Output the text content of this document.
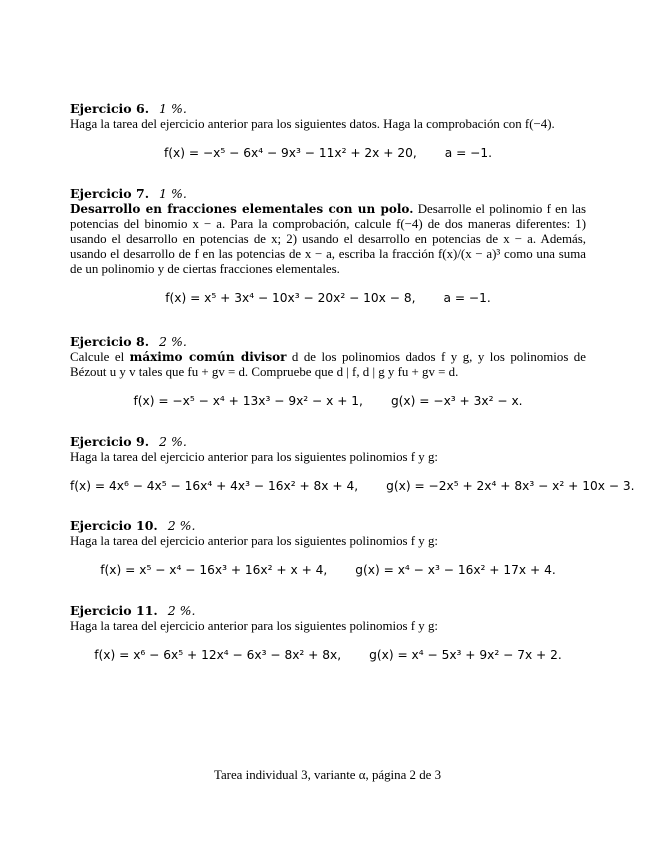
Ejercicio 6. 1 %.
Haga la tarea del ejercicio anterior para los siguientes datos. Haga la comprobación con f(−4).
f(x) = −x⁵ − 6x⁴ − 9x³ − 11x² + 2x + 20, a = −1.
Ejercicio 7. 1 %.
Desarrollo en fracciones elementales con un polo. Desarrolle el polinomio f en las potencias del binomio x − a. Para la comprobación, calcule f(−4) de dos maneras diferentes: 1) usando el desarrollo en potencias de x; 2) usando el desarrollo en potencias de x − a. Además, usando el desarrollo de f en las potencias de x − a, escriba la fracción f(x)/(x − a)³ como una suma de un polinomio y de ciertas fracciones elementales.
f(x) = x⁵ + 3x⁴ − 10x³ − 20x² − 10x − 8, a = −1.
Ejercicio 8. 2 %.
Calcule el máximo común divisor d de los polinomios dados f y g, y los polinomios de Bézout u y v tales que fu + gv = d. Compruebe que d | f, d | g y fu + gv = d.
f(x) = −x⁵ − x⁴ + 13x³ − 9x² − x + 1, g(x) = −x³ + 3x² − x.
Ejercicio 9. 2 %.
Haga la tarea del ejercicio anterior para los siguientes polinomios f y g:
f(x) = 4x⁶ − 4x⁵ − 16x⁴ + 4x³ − 16x² + 8x + 4, g(x) = −2x⁵ + 2x⁴ + 8x³ − x² + 10x − 3.
Ejercicio 10. 2 %.
Haga la tarea del ejercicio anterior para los siguientes polinomios f y g:
f(x) = x⁵ − x⁴ − 16x³ + 16x² + x + 4, g(x) = x⁴ − x³ − 16x² + 17x + 4.
Ejercicio 11. 2 %.
Haga la tarea del ejercicio anterior para los siguientes polinomios f y g:
f(x) = x⁶ − 6x⁵ + 12x⁴ − 6x³ − 8x² + 8x, g(x) = x⁴ − 5x³ + 9x² − 7x + 2.
Tarea individual 3, variante α, página 2 de 3
